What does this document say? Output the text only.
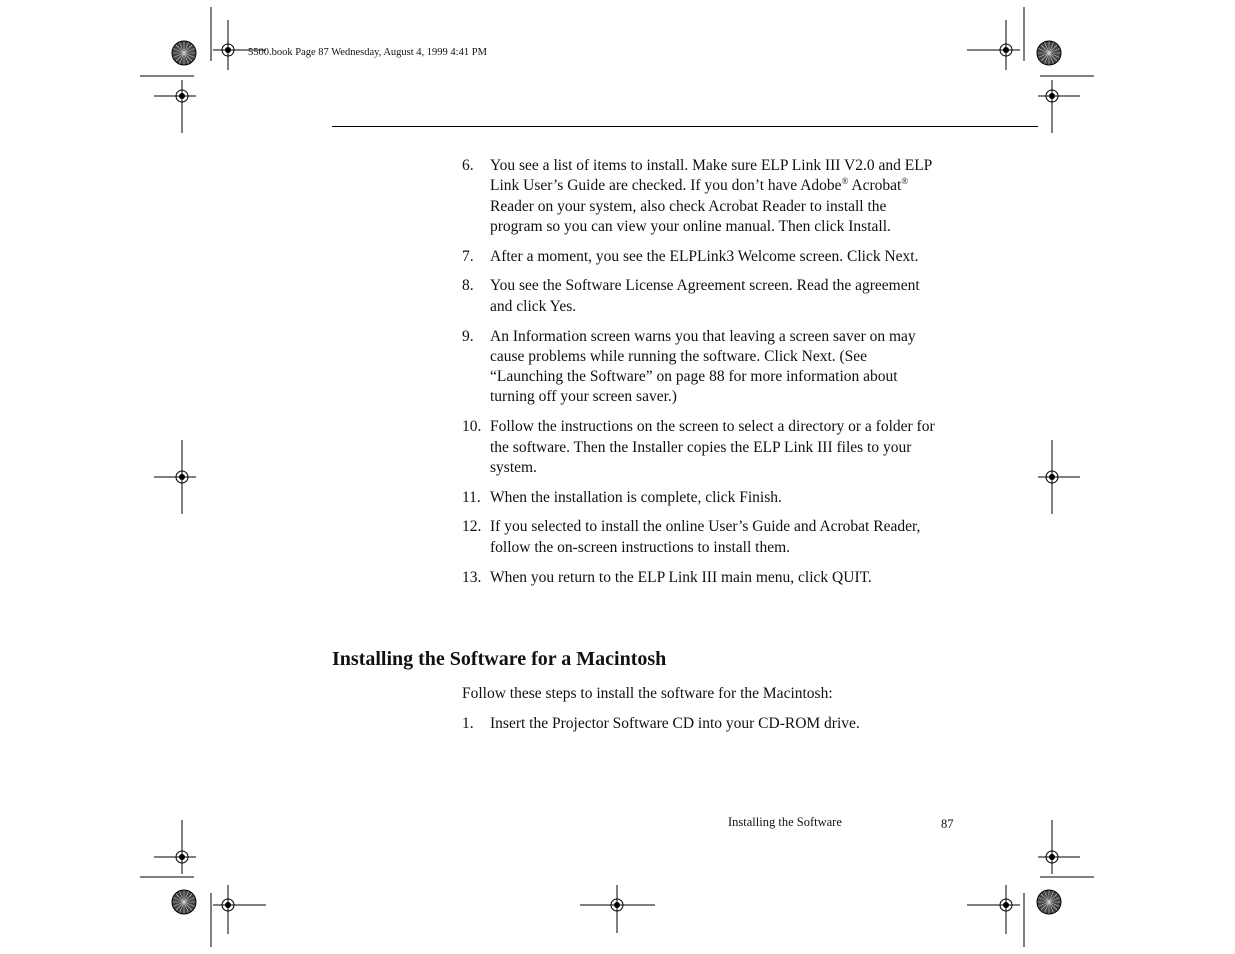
5500.book Page 87 Wednesday, August 4, 1999 4:41 PM
6.	You see a list of items to install. Make sure ELP Link III V2.0 and ELP Link User’s Guide are checked. If you don’t have Adobe® Acrobat® Reader on your system, also check Acrobat Reader to install the program so you can view your online manual. Then click Install.
7.	After a moment, you see the ELPLink3 Welcome screen. Click Next.
8.	You see the Software License Agreement screen. Read the agreement and click Yes.
9.	An Information screen warns you that leaving a screen saver on may cause problems while running the software. Click Next. (See “Launching the Software” on page 88 for more information about turning off your screen saver.)
10. Follow the instructions on the screen to select a directory or a folder for the software. Then the Installer copies the ELP Link III files to your system.
11. When the installation is complete, click Finish.
12. If you selected to install the online User’s Guide and Acrobat Reader, follow the on-screen instructions to install them.
13. When you return to the ELP Link III main menu, click QUIT.
Installing the Software for a Macintosh

Follow these steps to install the software for the Macintosh:

1.	Insert the Projector Software CD into your CD-ROM drive.
Installing the Software	87
